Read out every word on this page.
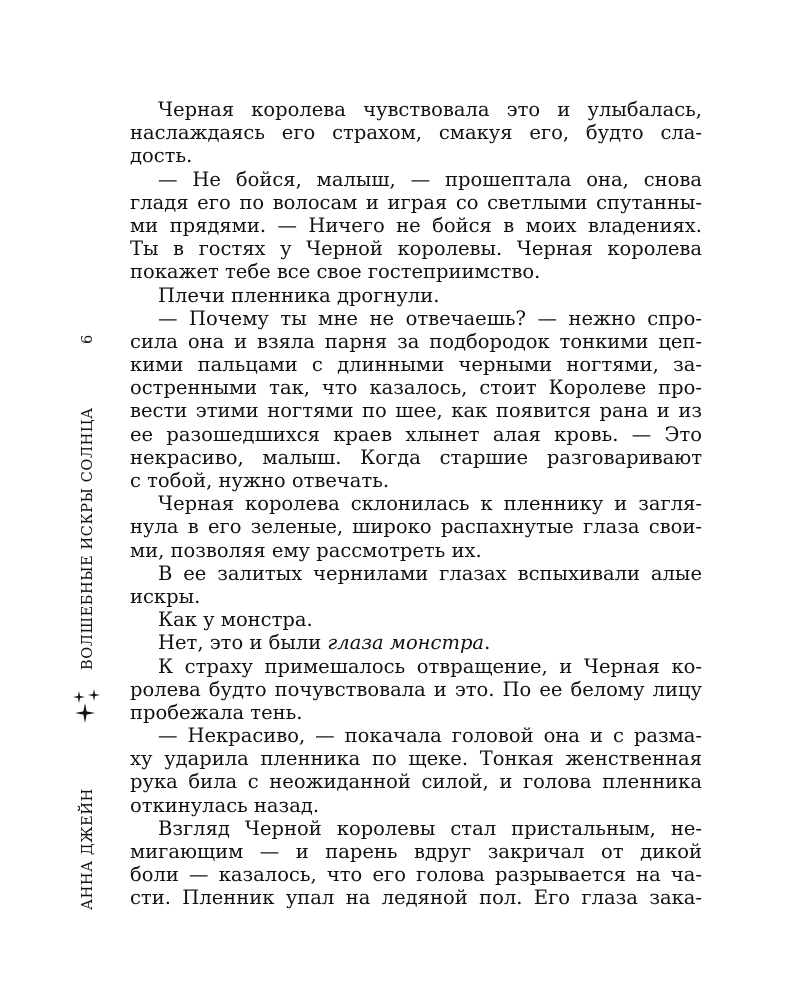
АННА ДЖЕЙН
ВОЛШЕБНЫЕ ИСКРЫ СОЛНЦА
6
Черная королева чувствовала это и улыбалась,
наслаждаясь его страхом, смакуя его, будто сла-
дость.
— Не бойся, малыш, — прошептала она, снова
гладя его по волосам и играя со светлыми спутанны-
ми прядями. — Ничего не бойся в моих владениях.
Ты в гостях у Черной королевы. Черная королева
покажет тебе все свое гостеприимство.
Плечи пленника дрогнули.
— Почему ты мне не отвечаешь? — нежно спро-
сила она и взяла парня за подбородок тонкими цеп-
кими пальцами с длинными черными ногтями, за-
остренными так, что казалось, стоит Королеве про-
вести этими ногтями по шее, как появится рана и из
ее разошедшихся краев хлынет алая кровь. — Это
некрасиво, малыш. Когда старшие разговаривают
с тобой, нужно отвечать.
Черная королева склонилась к пленнику и загля-
нула в его зеленые, широко распахнутые глаза свои-
ми, позволяя ему рассмотреть их.
В ее залитых чернилами глазах вспыхивали алые
искры.
Как у монстра.
Нет, это и были глаза монстра.
К страху примешалось отвращение, и Черная ко-
ролева будто почувствовала и это. По ее белому лицу
пробежала тень.
— Некрасиво, — покачала головой она и с разма-
ху ударила пленника по щеке. Тонкая женственная
рука била с неожиданной силой, и голова пленника
откинулась назад.
Взгляд Черной королевы стал пристальным, не-
мигающим — и парень вдруг закричал от дикой
боли — казалось, что его голова разрывается на ча-
сти. Пленник упал на ледяной пол. Его глаза зака-
